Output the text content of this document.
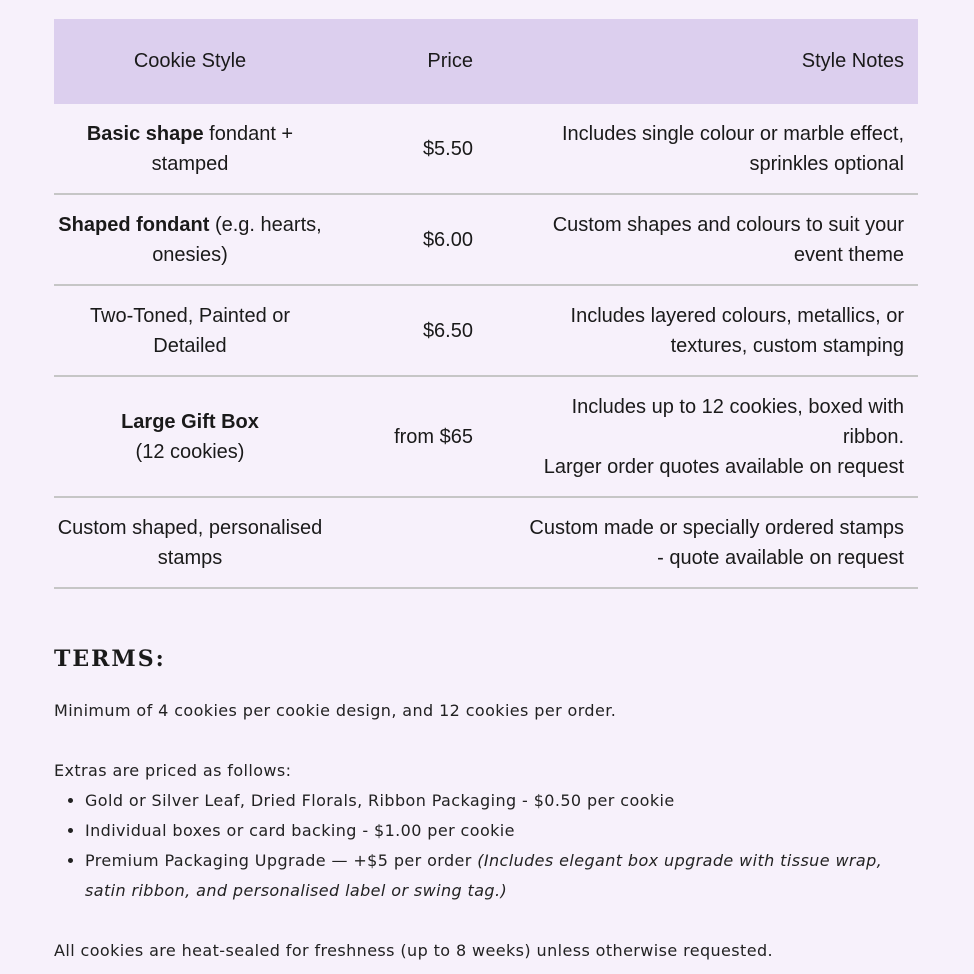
Cookie Style	Price	Style Notes
Basic shape fondant + stamped
$5.50
Includes single colour or marble effect,
sprinkles optional
Shaped fondant (e.g. hearts, onesies)
$6.00
Custom shapes and colours to suit your
event theme
Two-Toned, Painted or Detailed
$6.50
Includes layered colours, metallics, or
textures, custom stamping
Large Gift Box
(12 cookies)
from $65
Includes up to 12 cookies, boxed with
ribbon.
Larger order quotes available on request
Custom shaped, personalised stamps
Custom made or specially ordered stamps
- quote available on request
TERMS:

Minimum of 4 cookies per cookie design, and 12 cookies per order.

Extras are priced as follows:

• Gold or Silver Leaf, Dried Florals, Ribbon Packaging - $0.50 per cookie
• Individual boxes or card backing - $1.00 per cookie
• Premium Packaging Upgrade — +$5 per order (Includes elegant box upgrade with tissue wrap, satin ribbon, and personalised label or swing tag.)

All cookies are heat-sealed for freshness (up to 8 weeks) unless otherwise requested.
